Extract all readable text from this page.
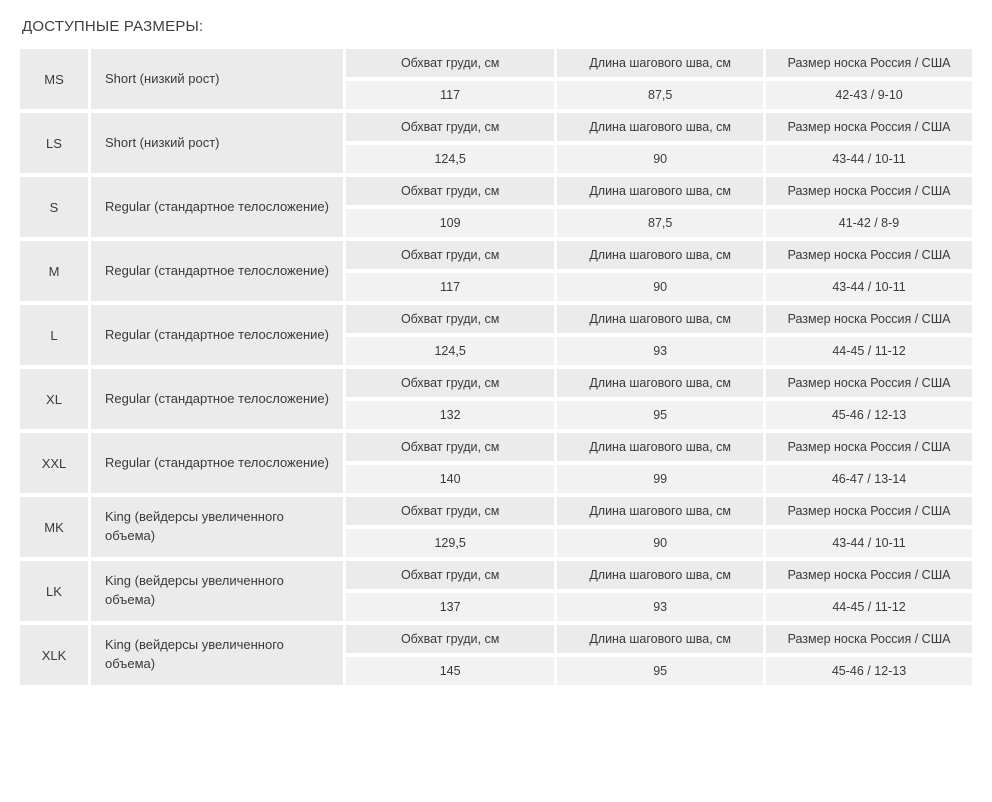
ДОСТУПНЫЕ РАЗМЕРЫ:
MS	Short (низкий рост)	
Обхват груди, см	Длина шагового шва, см	Размер носка Россия / США
117	87,5	42-43 / 9-10

LS	Short (низкий рост)	
Обхват груди, см	Длина шагового шва, см	Размер носка Россия / США
124,5	90	43-44 / 10-11

S	Regular (стандартное телосложение)	
Обхват груди, см	Длина шагового шва, см	Размер носка Россия / США
109	87,5	41-42 / 8-9

M	Regular (стандартное телосложение)	
Обхват груди, см	Длина шагового шва, см	Размер носка Россия / США
117	90	43-44 / 10-11

L	Regular (стандартное телосложение)	
Обхват груди, см	Длина шагового шва, см	Размер носка Россия / США
124,5	93	44-45 / 11-12

XL	Regular (стандартное телосложение)	
Обхват груди, см	Длина шагового шва, см	Размер носка Россия / США
132	95	45-46 / 12-13

XXL	Regular (стандартное телосложение)	
Обхват груди, см	Длина шагового шва, см	Размер носка Россия / США
140	99	46-47 / 13-14

MK	King (вейдерсы увеличенного объема)	
Обхват груди, см	Длина шагового шва, см	Размер носка Россия / США
129,5	90	43-44 / 10-11

LK	King (вейдерсы увеличенного объема)	
Обхват груди, см	Длина шагового шва, см	Размер носка Россия / США
137	93	44-45 / 11-12

XLK	King (вейдерсы увеличенного объема)	
Обхват груди, см	Длина шагового шва, см	Размер носка Россия / США
145	95	45-46 / 12-13
